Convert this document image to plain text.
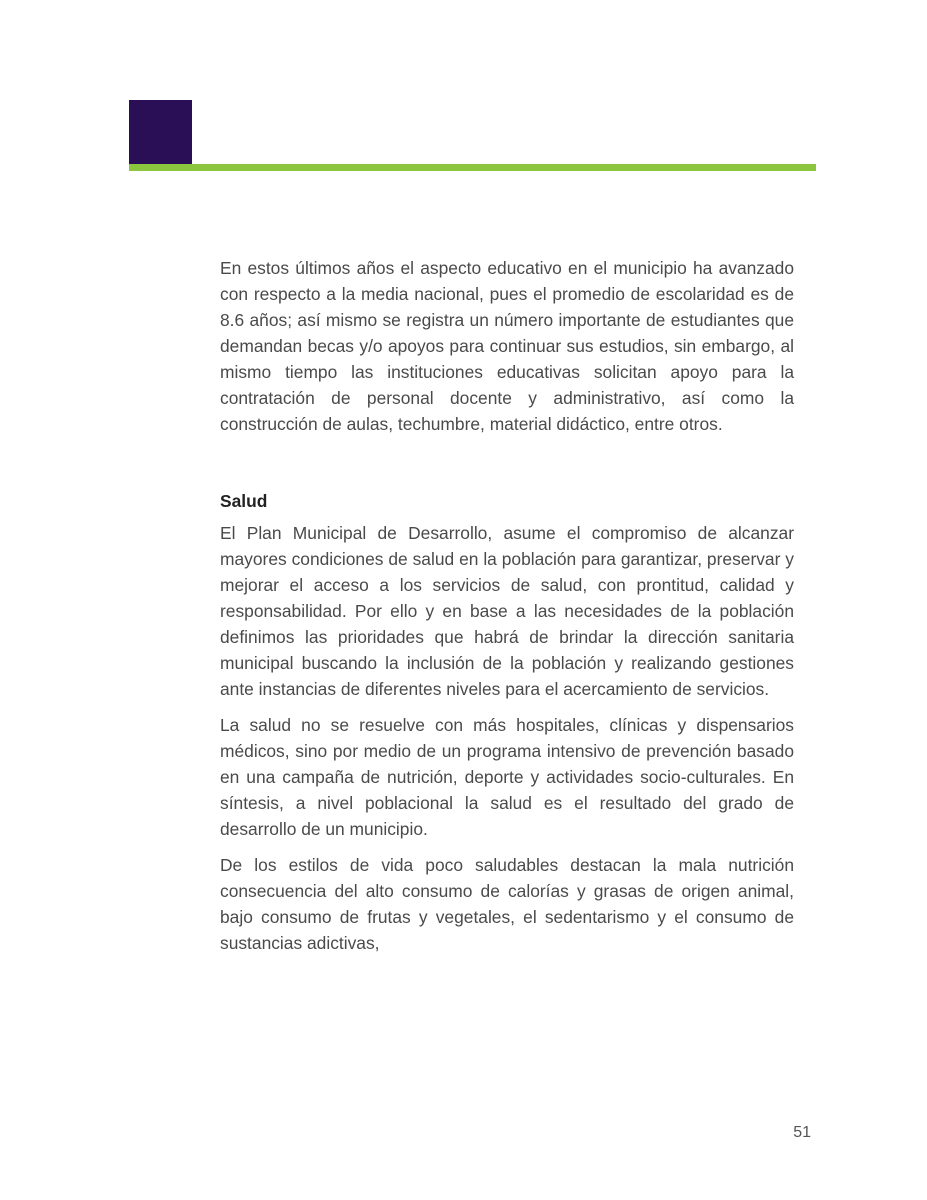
En estos últimos años el aspecto educativo en el municipio ha avanzado con respecto a la media nacional, pues el promedio de escolaridad es de 8.6 años; así mismo se registra un número importante de estudiantes que demandan becas y/o apoyos para continuar sus estudios, sin embargo, al mismo tiempo las instituciones educativas solicitan apoyo para la contratación de personal docente y administrativo, así como la construcción de aulas, techumbre, material didáctico, entre otros.

Salud

El Plan Municipal de Desarrollo, asume el compromiso de alcanzar mayores condiciones de salud en la población para garantizar, preservar y mejorar el acceso a los servicios de salud, con prontitud, calidad y responsabilidad. Por ello y en base a las necesidades de la población definimos las prioridades que habrá de brindar la dirección sanitaria municipal buscando la inclusión de la población y realizando gestiones ante instancias de diferentes niveles para el acercamiento de servicios.

La salud no se resuelve con más hospitales, clínicas y dispensarios médicos, sino por medio de un programa intensivo de prevención basado en una campaña de nutrición, deporte y actividades socio-culturales. En síntesis, a nivel poblacional la salud es el resultado del grado de desarrollo de un municipio.

De los estilos de vida poco saludables destacan la mala nutrición consecuencia del alto consumo de calorías y grasas de origen animal, bajo consumo de frutas y vegetales, el sedentarismo y el consumo de sustancias adictivas,

51
